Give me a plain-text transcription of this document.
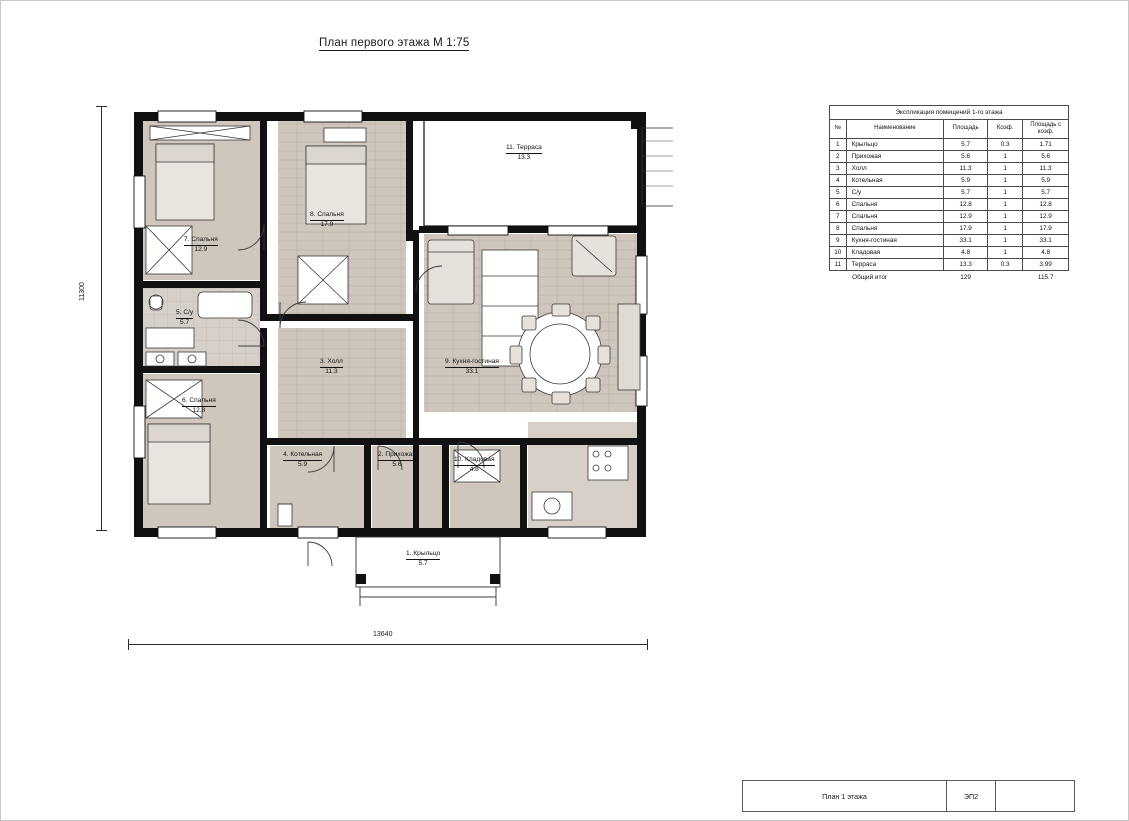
План первого этажа М 1:75
11300
13640
7. Спальня
12.9
8. Спальня
17.9
11. Терраса
13.3
5. С/у
5.7
3. Холл
11.3
9. Кухня-гостиная
33.1
6. Спальня
12.8
4. Котельная
5.9
2. Прихожая
5.6
10. Кладовая
4.8
1. Крыльцо
5.7
Экспликация помещений 1-го этажа				
№	Наименование	Площадь	Коэф.	Площадь с коэф.
1	Крыльцо	5.7	0.3	1.71
2	Прихожая	5.6	1	5.6
3	Холл	11.3	1	11.3
4	Котельная	5.9	1	5.9
5	С/у	5.7	1	5.7
6	Спальня	12.8	1	12.8
7	Спальня	12.9	1	12.9
8	Спальня	17.9	1	17.9
9	Кухня-гостиная	33.1	1	33.1
10	Кладовая	4.8	1	4.8
11	Терраса	13.3	0.3	3.99
	Общий итог	129		115.7
План 1 этажа	ЭП2
